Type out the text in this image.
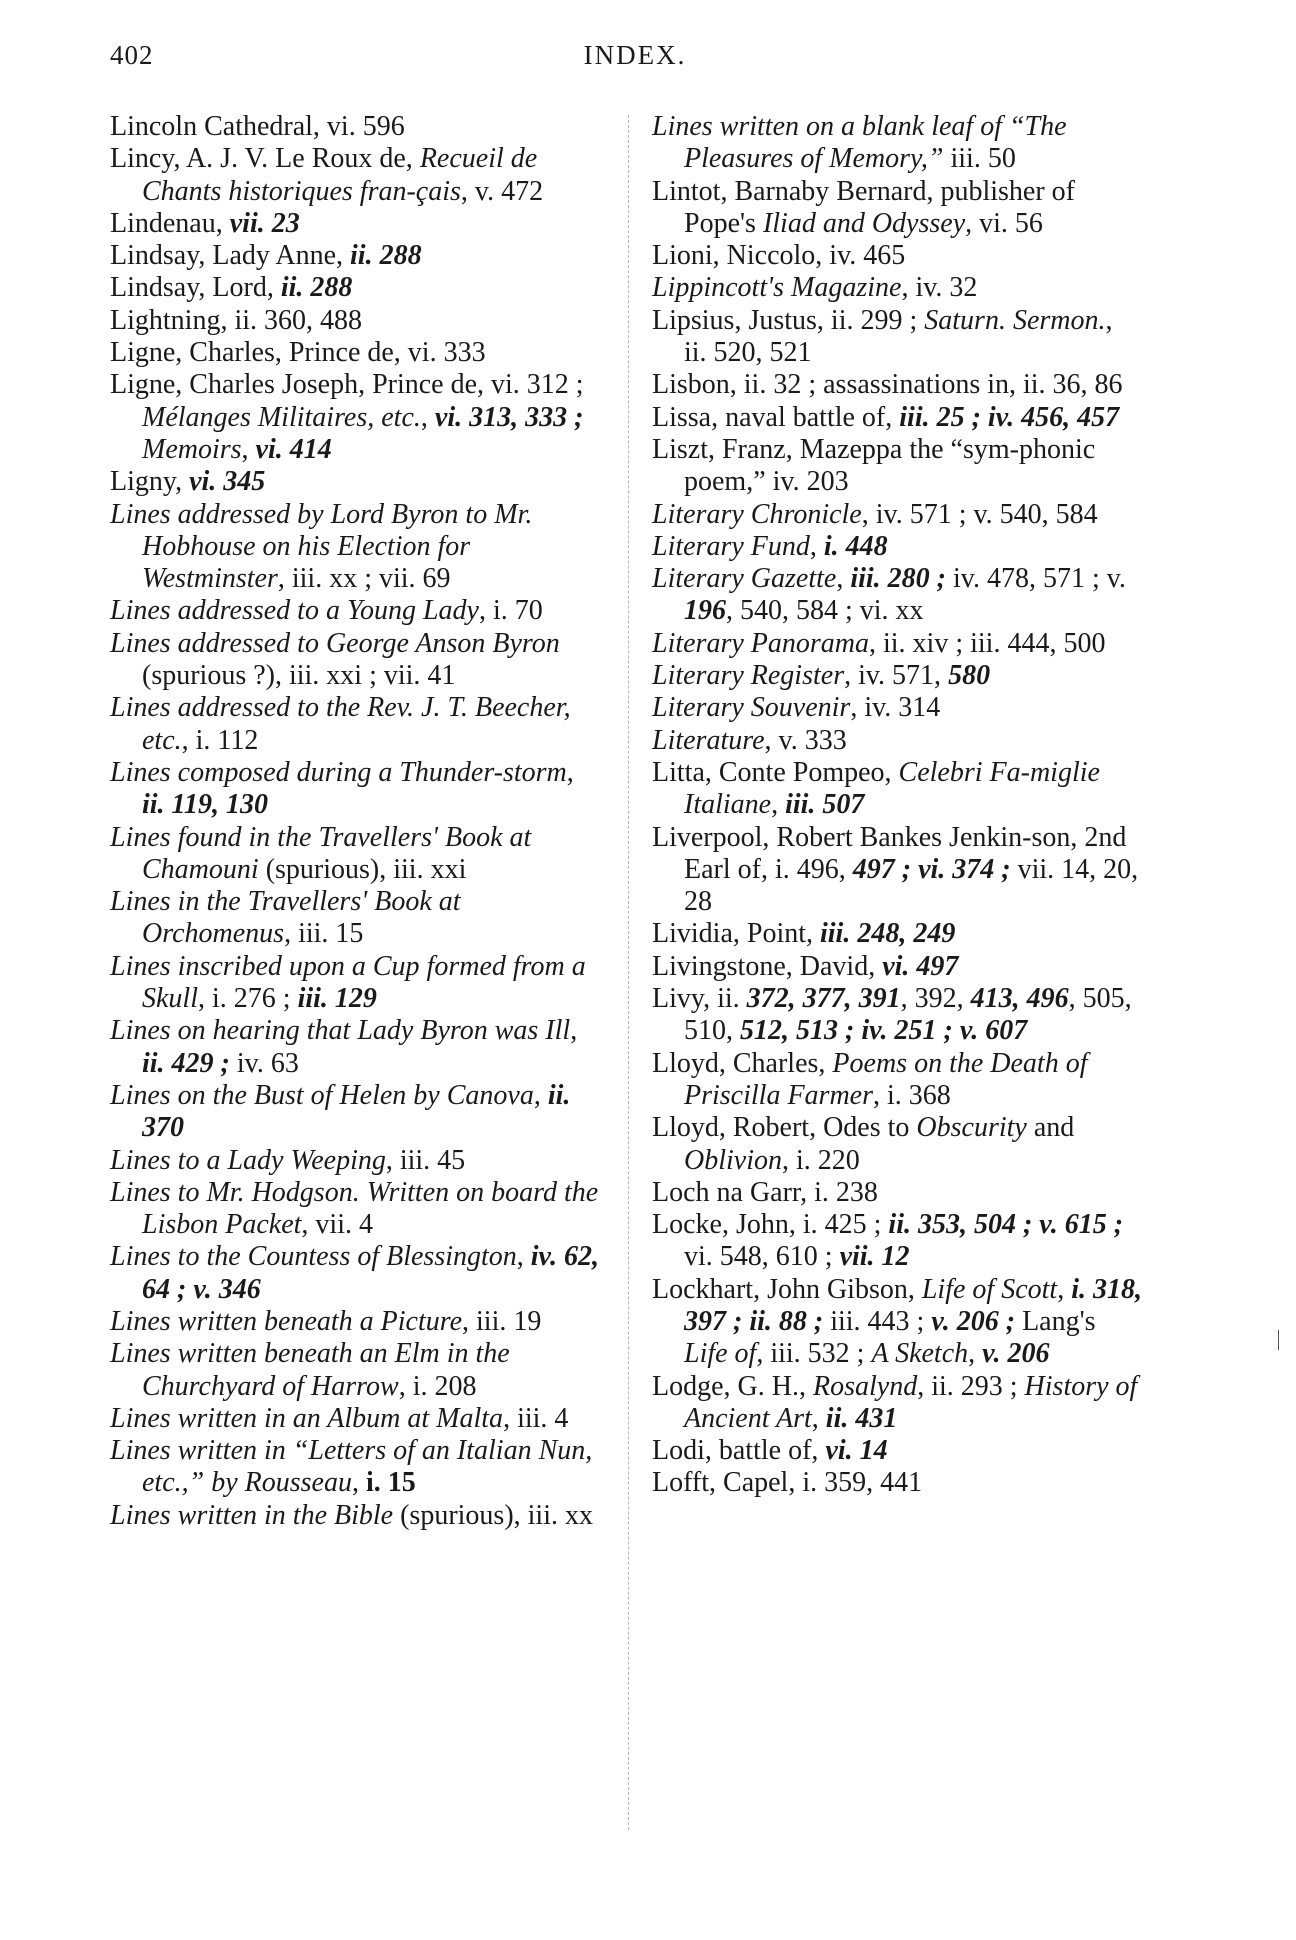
402	INDEX.

Lincoln Cathedral, vi. 596

Lincy, A. J. V. Le Roux de, Recueil de Chants historiques fran-çais, v. 472

Lindenau, vii. 23

Lindsay, Lady Anne, ii. 288

Lindsay, Lord, ii. 288

Lightning, ii. 360, 488

Ligne, Charles, Prince de, vi. 333

Ligne, Charles Joseph, Prince de, vi. 312 ; Mélanges Militaires, etc., vi. 313, 333 ; Memoirs, vi. 414

Ligny, vi. 345

Lines addressed by Lord Byron to Mr. Hobhouse on his Election for Westminster, iii. xx ; vii. 69

Lines addressed to a Young Lady, i. 70

Lines addressed to George Anson Byron (spurious ?), iii. xxi ; vii. 41

Lines addressed to the Rev. J. T. Beecher, etc., i. 112

Lines composed during a Thunder-storm, ii. 119, 130

Lines found in the Travellers' Book at Chamouni (spurious), iii. xxi

Lines in the Travellers' Book at Orchomenus, iii. 15

Lines inscribed upon a Cup formed from a Skull, i. 276 ; iii. 129

Lines on hearing that Lady Byron was Ill, ii. 429 ; iv. 63

Lines on the Bust of Helen by Canova, ii. 370

Lines to a Lady Weeping, iii. 45

Lines to Mr. Hodgson. Written on board the Lisbon Packet, vii. 4

Lines to the Countess of Blessington, iv. 62, 64 ; v. 346

Lines written beneath a Picture, iii. 19

Lines written beneath an Elm in the Churchyard of Harrow, i. 208

Lines written in an Album at Malta, iii. 4

Lines written in “Letters of an Italian Nun, etc.,” by Rousseau, i. 15

Lines written in the Bible (spurious), iii. xx

Lines written on a blank leaf of “The Pleasures of Memory,” iii. 50

Lintot, Barnaby Bernard, publisher of Pope's Iliad and Odyssey, vi. 56

Lioni, Niccolo, iv. 465

Lippincott's Magazine, iv. 32

Lipsius, Justus, ii. 299 ; Saturn. Sermon., ii. 520, 521

Lisbon, ii. 32 ; assassinations in, ii. 36, 86

Lissa, naval battle of, iii. 25 ; iv. 456, 457

Liszt, Franz, Mazeppa the “sym-phonic poem,” iv. 203

Literary Chronicle, iv. 571 ; v. 540, 584

Literary Fund, i. 448

Literary Gazette, iii. 280 ; iv. 478, 571 ; v. 196, 540, 584 ; vi. xx

Literary Panorama, ii. xiv ; iii. 444, 500

Literary Register, iv. 571, 580

Literary Souvenir, iv. 314

Literature, v. 333

Litta, Conte Pompeo, Celebri Fa-miglie Italiane, iii. 507

Liverpool, Robert Bankes Jenkin-son, 2nd Earl of, i. 496, 497 ; vi. 374 ; vii. 14, 20, 28

Lividia, Point, iii. 248, 249

Livingstone, David, vi. 497

Livy, ii. 372, 377, 391, 392, 413, 496, 505, 510, 512, 513 ; iv. 251 ; v. 607

Lloyd, Charles, Poems on the Death of Priscilla Farmer, i. 368

Lloyd, Robert, Odes to Obscurity and Oblivion, i. 220

Loch na Garr, i. 238

Locke, John, i. 425 ; ii. 353, 504 ; v. 615 ; vi. 548, 610 ; vii. 12

Lockhart, John Gibson, Life of Scott, i. 318, 397 ; ii. 88 ; iii. 443 ; v. 206 ; Lang's Life of, iii. 532 ; A Sketch, v. 206

Lodge, G. H., Rosalynd, ii. 293 ; History of Ancient Art, ii. 431

Lodi, battle of, vi. 14

Lofft, Capel, i. 359, 441
